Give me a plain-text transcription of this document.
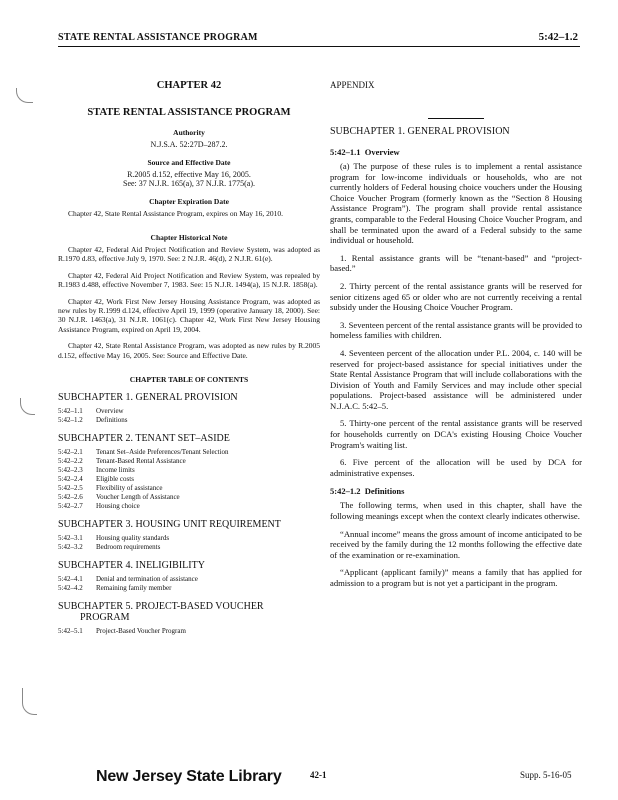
STATE RENTAL ASSISTANCE PROGRAM	5:42–1.2
CHAPTER 42
STATE RENTAL ASSISTANCE PROGRAM
Authority
N.J.S.A. 52:27D–287.2.
Source and Effective Date
R.2005 d.152, effective May 16, 2005.
See: 37 N.J.R. 165(a), 37 N.J.R. 1775(a).
Chapter Expiration Date

Chapter 42, State Rental Assistance Program, expires on May 16, 2010.

Chapter Historical Note

Chapter 42, Federal Aid Project Notification and Review System, was adopted as R.1970 d.83, effective July 9, 1970. See: 2 N.J.R. 46(d), 2 N.J.R. 61(e).

Chapter 42, Federal Aid Project Notification and Review System, was repealed by R.1983 d.488, effective November 7, 1983. See: 15 N.J.R. 1494(a), 15 N.J.R. 1858(a).

Chapter 42, Work First New Jersey Housing Assistance Program, was adopted as new rules by R.1999 d.124, effective April 19, 1999 (operative January 18, 2000). See: 30 N.J.R. 1463(a), 31 N.J.R. 1061(c). Chapter 42, Work First New Jersey Housing Assistance Program, expired on April 19, 2004.

Chapter 42, State Rental Assistance Program, was adopted as new rules by R.2005 d.152, effective May 16, 2005. See: Source and Effective Date.

CHAPTER TABLE OF CONTENTS
SUBCHAPTER 1. GENERAL PROVISION
5:42–1.1	Overview
5:42–1.2	Definitions
SUBCHAPTER 2. TENANT SET–ASIDE
5:42–2.1	Tenant Set–Aside Preferences/Tenant Selection
5:42–2.2	Tenant-Based Rental Assistance
5:42–2.3	Income limits
5:42–2.4	Eligible costs
5:42–2.5	Flexibility of assistance
5:42–2.6	Voucher Length of Assistance
5:42–2.7	Housing choice
SUBCHAPTER 3. HOUSING UNIT REQUIREMENT
5:42–3.1	Housing quality standards
5:42–3.2	Bedroom requirements
SUBCHAPTER 4. INELIGIBILITY
5:42–4.1	Denial and termination of assistance
5:42–4.2	Remaining family member
SUBCHAPTER 5. PROJECT-BASED VOUCHER
PROGRAM
5:42–5.1	Project-Based Voucher Program
APPENDIX
SUBCHAPTER 1. GENERAL PROVISION
5:42–1.1 Overview

(a) The purpose of these rules is to implement a rental assistance program for low-income individuals or households, who are not currently holders of Federal housing choice vouchers under the Housing Choice Voucher Program (formerly known as the “Section 8 Housing Assistance Program”). The program shall provide rental assistance grants, comparable to the Federal Housing Choice Voucher Program, and shall be terminated upon the award of a Federal subsidy to the same individual or household.

1. Rental assistance grants will be “tenant-based” and “project-based.”

2. Thirty percent of the rental assistance grants will be reserved for senior citizens aged 65 or older who are not currently receiving a rental subsidy under the Housing Choice Voucher Program.

3. Seventeen percent of the rental assistance grants will be provided to homeless families with children.

4. Seventeen percent of the allocation under P.L. 2004, c. 140 will be reserved for project-based assistance for special initiatives under the State Rental Assistance Program that will include collaborations with the Division of Youth and Family Services and may include other special populations. Project-based assistance will be administered under N.J.A.C. 5:42–5.

5. Thirty-one percent of the rental assistance grants will be reserved for households currently on DCA's existing Housing Choice Voucher Program's waiting list.

6. Five percent of the allocation will be used by DCA for administrative expenses.

5:42–1.2 Definitions

The following terms, when used in this chapter, shall have the following meanings except when the context clearly indicates otherwise.

“Annual income” means the gross amount of income anticipated to be received by the family during the 12 months following the effective date of the examination or re-examination.

“Applicant (applicant family)” means a family that has applied for admission to a program but is not yet a participant in the program.

New Jersey State Library	42-1	Supp. 5-16-05
